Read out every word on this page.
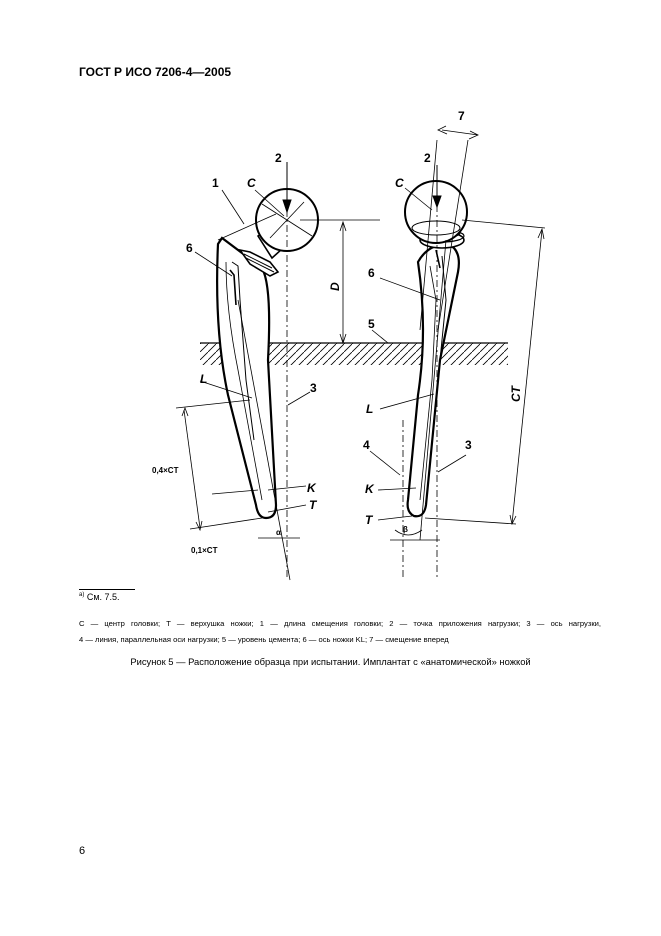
ГОСТ Р ИСО 7206-4—2005
C
2
1
6
L
3
K
T
0,4×CT
0,1×CT
α
D
C
2
7
6
5
L
4	3
K
T
β
CT
$^{a)}$ См. 7.5.
C — центр головки; T — верхушка ножки; 1 — длина смещения головки; 2 — точка приложения нагрузки; 3 — ось нагрузки,
4 — линия, параллельная оси нагрузки; 5 — уровень цемента; 6 — ось ножки KL; 7 — смещение вперед
Рисунок 5 — Расположение образца при испытании. Имплантат с «анатомической» ножкой
6
